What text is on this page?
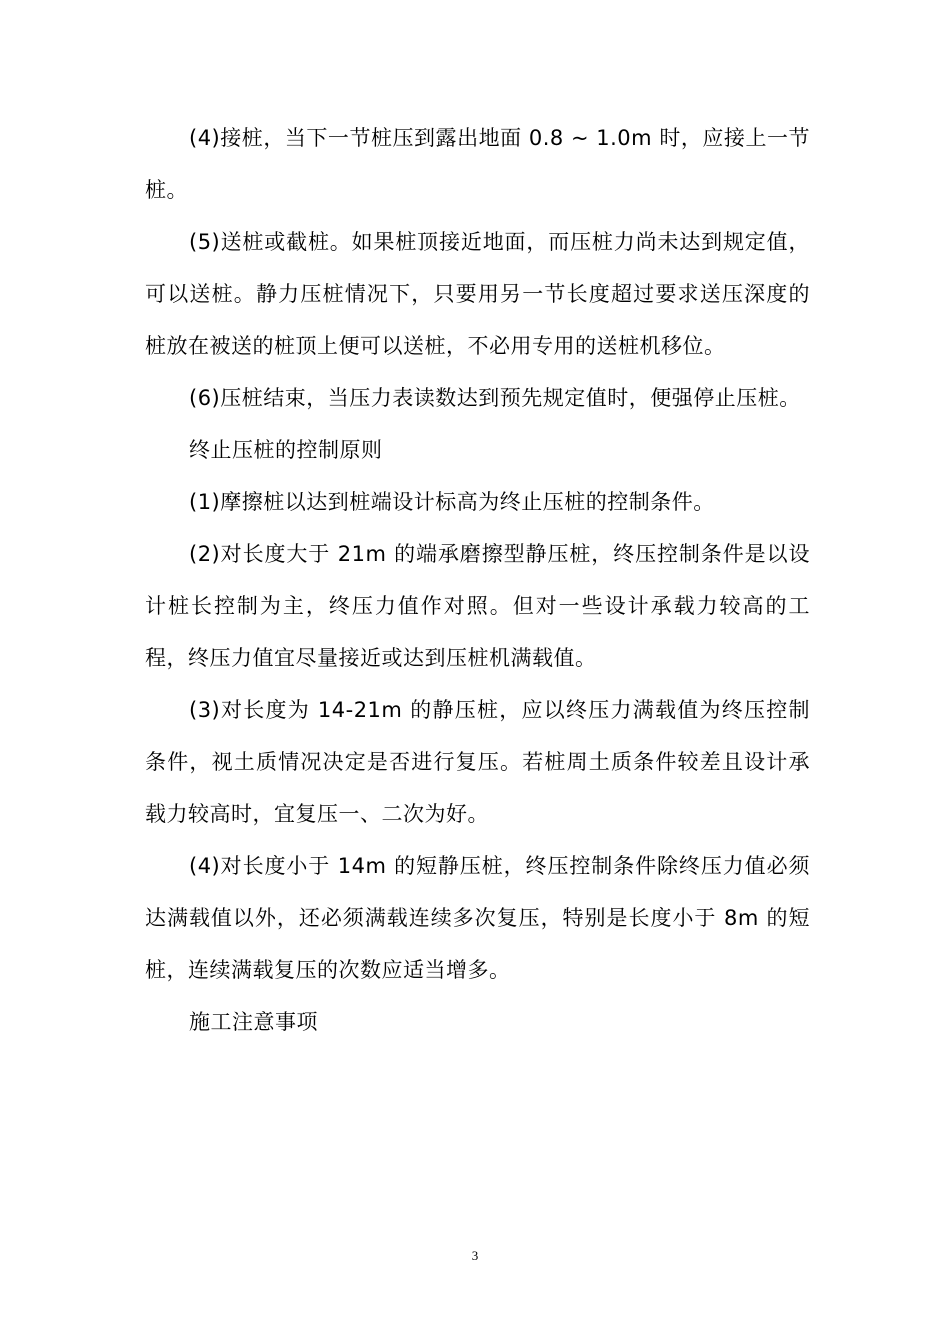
(4)接桩，当下一节桩压到露出地面 0.8 ~ 1.0m 时，应接上一节桩。

(5)送桩或截桩。如果桩顶接近地面，而压桩力尚未达到规定值，可以送桩。静力压桩情况下，只要用另一节长度超过要求送压深度的桩放在被送的桩顶上便可以送桩，不必用专用的送桩机移位。

(6)压桩结束，当压力表读数达到预先规定值时，便强停止压桩。

终止压桩的控制原则

(1)摩擦桩以达到桩端设计标高为终止压桩的控制条件。

(2)对长度大于 21m 的端承磨擦型静压桩，终压控制条件是以设计桩长控制为主，终压力值作对照。但对一些设计承载力较高的工程，终压力值宜尽量接近或达到压桩机满载值。

(3)对长度为 14-21m 的静压桩，应以终压力满载值为终压控制条件，视土质情况决定是否进行复压。若桩周土质条件较差且设计承载力较高时，宜复压一、二次为好。

(4)对长度小于 14m 的短静压桩，终压控制条件除终压力值必须达满载值以外，还必须满载连续多次复压，特别是长度小于 8m 的短桩，连续满载复压的次数应适当增多。

施工注意事项

3
